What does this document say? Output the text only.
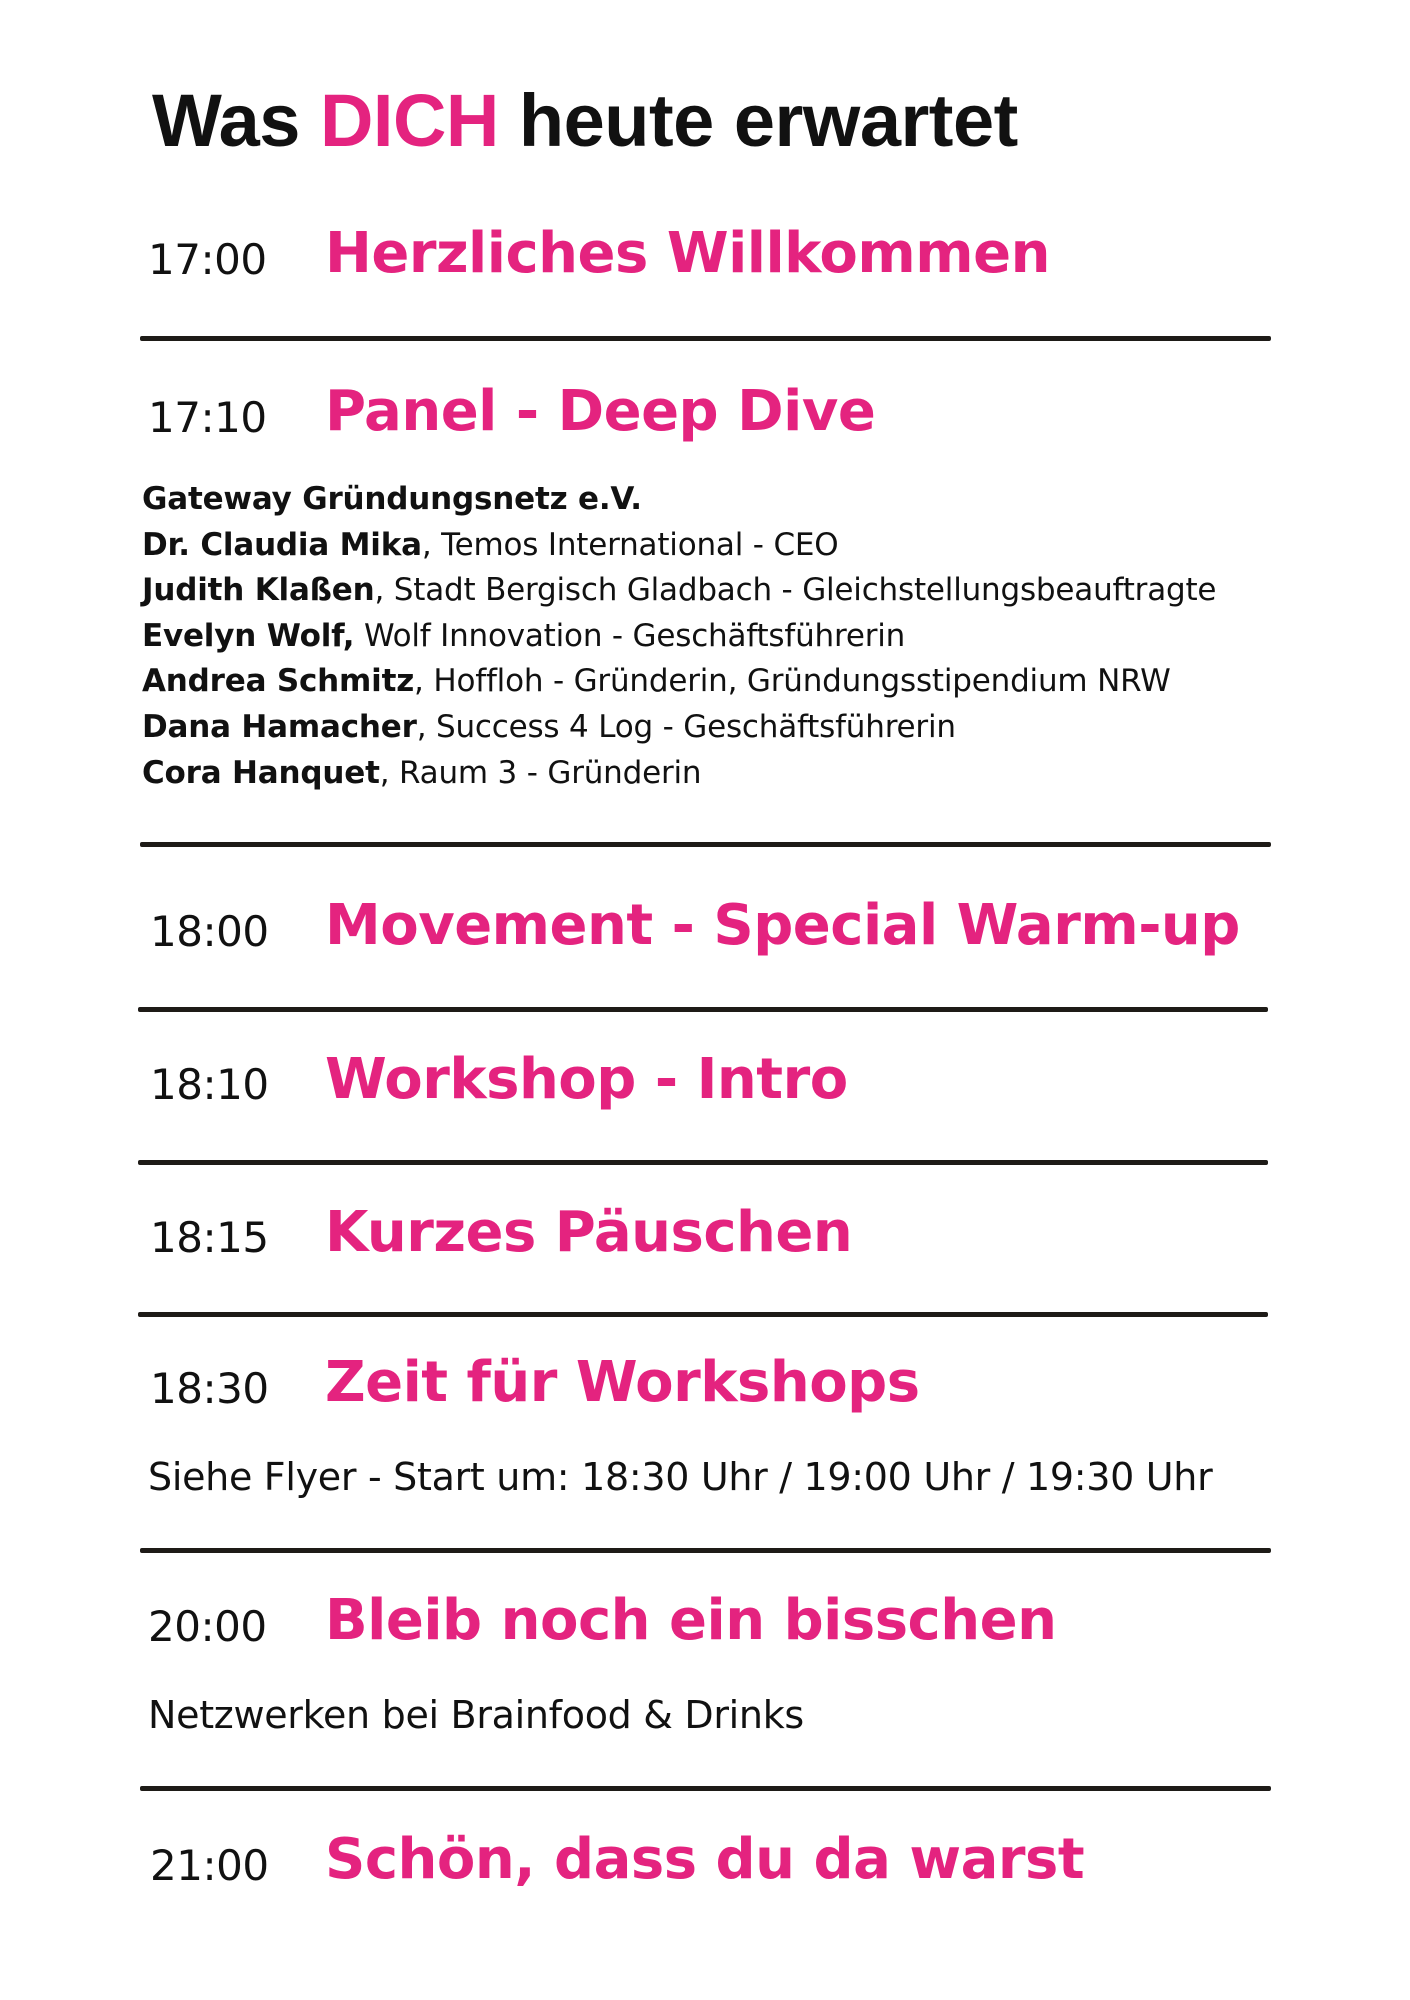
Was DICH heute erwartet
17:00 Herzliches Willkommen
17:10 Panel - Deep Dive
Gateway Gründungsnetz e.V.
Dr. Claudia Mika, Temos International - CEO
Judith Klaßen, Stadt Bergisch Gladbach - Gleichstellungsbeauftragte
Evelyn Wolf, Wolf Innovation - Geschäftsführerin
Andrea Schmitz, Hoffloh - Gründerin, Gründungsstipendium NRW
Dana Hamacher, Success 4 Log - Geschäftsführerin
Cora Hanquet, Raum 3 - Gründerin
18:00 Movement - Special Warm-up
18:10 Workshop - Intro
18:15 Kurzes Päuschen
18:30 Zeit für Workshops
Siehe Flyer - Start um: 18:30 Uhr / 19:00 Uhr / 19:30 Uhr
20:00 Bleib noch ein bisschen
Netzwerken bei Brainfood & Drinks
21:00 Schön, dass du da warst
